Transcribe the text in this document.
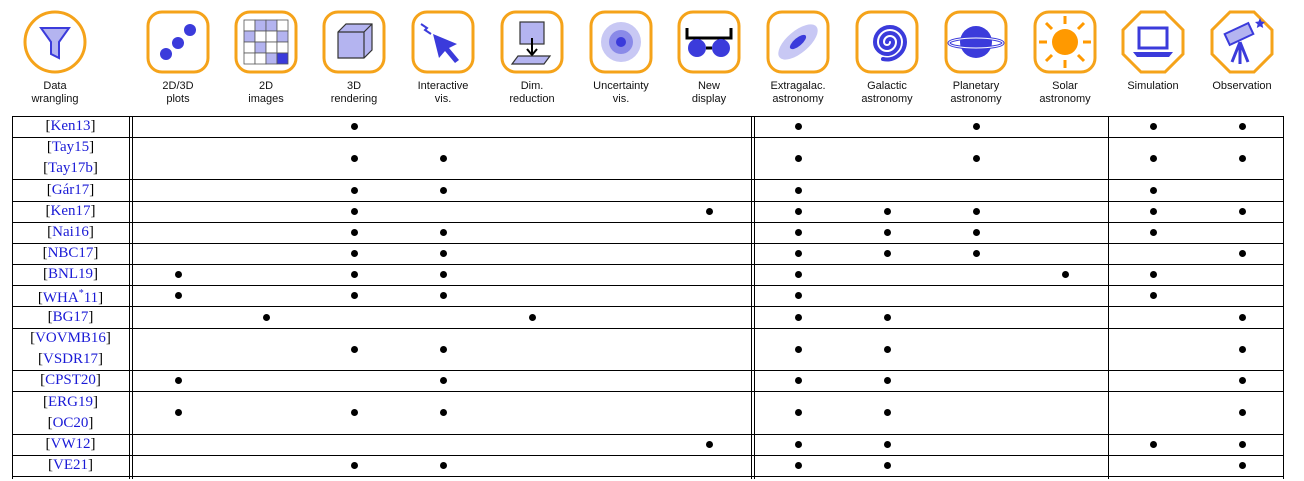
Data
wrangling
2D/3D
plots
2D
images
3D
rendering
Interactive
vis.
Dim.
reduction
Uncertainty
vis.
New
display
Extragalac.
astronomy
Galactic
astronomy
Planetary
astronomy
Solar
astronomy
Simulation	Observation
[Ken13]
[Tay15]
[Tay17b]
[Gár17]
[Ken17]
[Nai16]
[NBC17]
[BNL19]
[WHA*11]
[BG17]
[VOVMB16]
[VSDR17]
[CPST20]
[ERG19]
[OC20]
[VW12]
[VE21]
